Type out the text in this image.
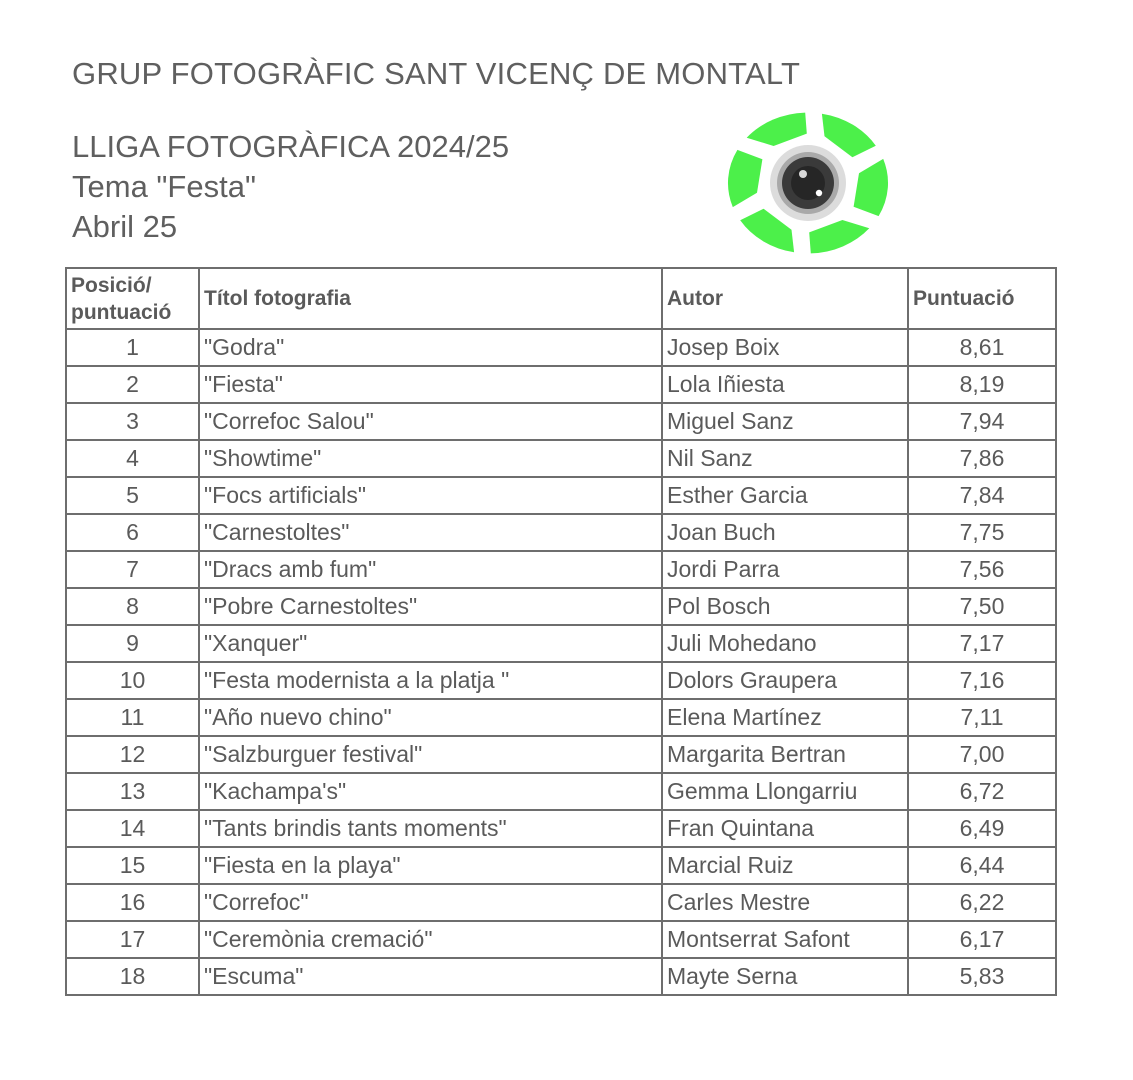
GRUP FOTOGRÀFIC SANT VICENÇ DE MONTALT
LLIGA FOTOGRÀFICA 2024/25
Tema "Festa"
Abril 25
Posició/
puntuació	Títol fotografia	Autor	Puntuació
1	"Godra"	Josep Boix	8,61
2	"Fiesta"	Lola Iñiesta	8,19
3	"Correfoc Salou"	Miguel Sanz	7,94
4	"Showtime"	Nil Sanz	7,86
5	"Focs artificials"	Esther Garcia	7,84
6	"Carnestoltes"	Joan Buch	7,75
7	"Dracs amb fum"	Jordi Parra	7,56
8	"Pobre Carnestoltes"	Pol Bosch	7,50
9	"Xanquer"	Juli Mohedano	7,17
10	"Festa modernista a la platja "	Dolors Graupera	7,16
11	"Año nuevo chino"	Elena Martínez	7,11
12	"Salzburguer festival"	Margarita Bertran	7,00
13	"Kachampa's"	Gemma Llongarriu	6,72
14	"Tants brindis tants moments"	Fran Quintana	6,49
15	"Fiesta en la playa"	Marcial Ruiz	6,44
16	"Correfoc"	Carles Mestre	6,22
17	"Ceremònia cremació"	Montserrat Safont	6,17
18	"Escuma"	Mayte Serna	5,83
